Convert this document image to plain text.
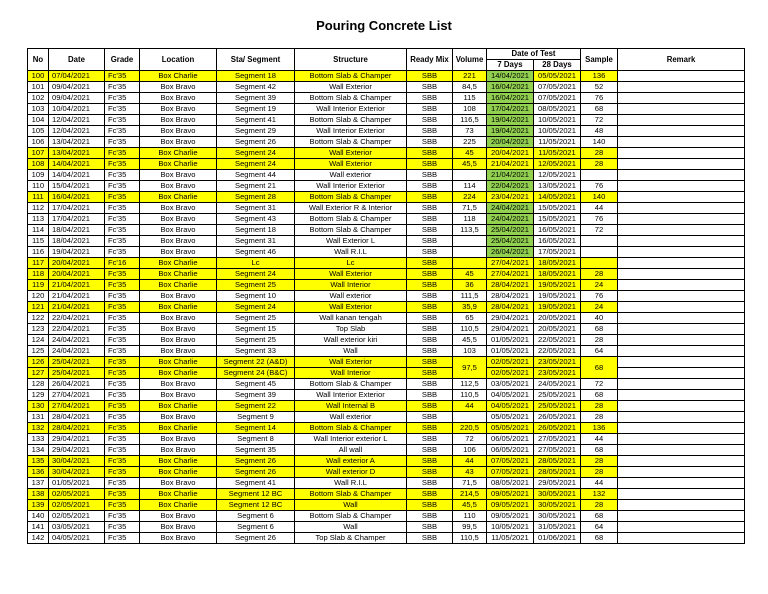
Pouring Concrete List
No	Date	Grade	Location	Sta/ Segment	Structure	Ready Mix	Volume	Date of Test		Sample	Remark
								7 Days	28 Days		
100	07/04/2021	Fc'35	Box Charlie	Segment 18	Bottom Slab & Champer	SBB	221	14/04/2021	05/05/2021	136	
101	09/04/2021	Fc'35	Box Bravo	Segment 42	Wall Exterior	SBB	84,5	16/04/2021	07/05/2021	52	
102	09/04/2021	Fc'35	Box Bravo	Segment 39	Bottom Slab & Champer	SBB	115	16/04/2021	07/05/2021	76	
103	10/04/2021	Fc'35	Box Bravo	Segment 19	Wall Interior Exterior	SBB	108	17/04/2021	08/05/2021	68	
104	12/04/2021	Fc'35	Box Bravo	Segment 41	Bottom Slab & Champer	SBB	116,5	19/04/2021	10/05/2021	72	
105	12/04/2021	Fc'35	Box Bravo	Segment 29	Wall Interior Exterior	SBB	73	19/04/2021	10/05/2021	48	
106	13/04/2021	Fc'35	Box Bravo	Segment 26	Bottom Slab & Champer	SBB	225	20/04/2021	11/05/2021	140	
107	13/04/2021	Fc'35	Box Charlie	Segment 24	Wall Exterior	SBB	45	20/04/2021	11/05/2021	28	
108	14/04/2021	Fc'35	Box Charlie	Segment 24	Wall Exterior	SBB	45,5	21/04/2021	12/05/2021	28	
109	14/04/2021	Fc'35	Box Bravo	Segment 44	Wall exterior	SBB		21/04/2021	12/05/2021		
110	15/04/2021	Fc'35	Box Bravo	Segment 21	Wall Interior Exterior	SBB	114	22/04/2021	13/05/2021	76	
111	16/04/2021	Fc'35	Box Charlie	Segment 28	Bottom Slab & Champer	SBB	224	23/04/2021	14/05/2021	140	
112	17/04/2021	Fc'35	Box Bravo	Segment 31	Wall Exterior R & Interior	SBB	71,5	24/04/2021	15/05/2021	44	
113	17/04/2021	Fc'35	Box Bravo	Segment 43	Bottom Slab & Champer	SBB	118	24/04/2021	15/05/2021	76	
114	18/04/2021	Fc'35	Box Bravo	Segment 18	Bottom Slab & Champer	SBB	113,5	25/04/2021	16/05/2021	72	
115	18/04/2021	Fc'35	Box Bravo	Segment 31	Wall Exterior L	SBB		25/04/2021	16/05/2021		
116	19/04/2021	Fc'35	Box Bravo	Segment 46	Wall R.I.L	SBB		26/04/2021	17/05/2021		
117	20/04/2021	Fc'16	Box Charlie	Lc	Lc	SBB		27/04/2021	18/05/2021		
118	20/04/2021	Fc'35	Box Charlie	Segment 24	Wall Exterior	SBB	45	27/04/2021	18/05/2021	28	
119	21/04/2021	Fc'35	Box Charlie	Segment 25	Wall Interior	SBB	36	28/04/2021	19/05/2021	24	
120	21/04/2021	Fc'35	Box Bravo	Segment 10	Wall exterior	SBB	111,5	28/04/2021	19/05/2021	76	
121	21/04/2021	Fc'35	Box Charlie	Segment 24	Wall Exterior	SBB	35,9	28/04/2021	19/05/2021	24	
122	22/04/2021	Fc'35	Box Bravo	Segment 25	Wall kanan tengah	SBB	65	29/04/2021	20/05/2021	40	
123	22/04/2021	Fc'35	Box Bravo	Segment 15	Top Slab	SBB	110,5	29/04/2021	20/05/2021	68	
124	24/04/2021	Fc'35	Box Bravo	Segment 25	Wall exterior kiri	SBB	45,5	01/05/2021	22/05/2021	28	
125	24/04/2021	Fc'35	Box Bravo	Segment 33	Wall	SBB	103	01/05/2021	22/05/2021	64	
126	25/04/2021	Fc'35	Box Charlie	Segment 22 (A&D)	Wall Exterior	SBB	97,5	02/05/2021	23/05/2021	68	
127	25/04/2021	Fc'35	Box Charlie	Segment 24 (B&C)	Wall Interior	SBB		02/05/2021	23/05/2021		
128	26/04/2021	Fc'35	Box Bravo	Segment 45	Bottom Slab & Champer	SBB	112,5	03/05/2021	24/05/2021	72	
129	27/04/2021	Fc'35	Box Bravo	Segment 39	Wall Interior Exterior	SBB	110,5	04/05/2021	25/05/2021	68	
130	27/04/2021	Fc'35	Box Charlie	Segment 22	Wall Internal B	SBB	44	04/05/2021	25/05/2021	28	
131	28/04/2021	Fc'35	Box Bravo	Segment 9	Wall exterior	SBB		05/05/2021	26/05/2021	28	
132	28/04/2021	Fc'35	Box Charlie	Segment 14	Bottom Slab & Champer	SBB	220,5	05/05/2021	26/05/2021	136	
133	29/04/2021	Fc'35	Box Bravo	Segment 8	Wall Interior exterior L	SBB	72	06/05/2021	27/05/2021	44	
134	29/04/2021	Fc'35	Box Bravo	Segment 35	All wall	SBB	106	06/05/2021	27/05/2021	68	
135	30/04/2021	Fc'35	Box Charlie	Segment 26	Wall exterior A	SBB	44	07/05/2021	28/05/2021	28	
136	30/04/2021	Fc'35	Box Charlie	Segment 26	Wall exterior D	SBB	43	07/05/2021	28/05/2021	28	
137	01/05/2021	Fc'35	Box Bravo	Segment 41	Wall R.I.L	SBB	71,5	08/05/2021	29/05/2021	44	
138	02/05/2021	Fc'35	Box Charlie	Segment 12 BC	Bottom Slab & Champer	SBB	214,5	09/05/2021	30/05/2021	132	
139	02/05/2021	Fc'35	Box Charlie	Segment 12 BC	Wall	SBB	45,5	09/05/2021	30/05/2021	28	
140	02/05/2021	Fc'35	Box Bravo	Segment 6	Bottom Slab & Champer	SBB	110	09/05/2021	30/05/2021	68	
141	03/05/2021	Fc'35	Box Bravo	Segment 6	Wall	SBB	99,5	10/05/2021	31/05/2021	64	
142	04/05/2021	Fc'35	Box Bravo	Segment 26	Top Slab & Champer	SBB	110,5	11/05/2021	01/06/2021	68	
